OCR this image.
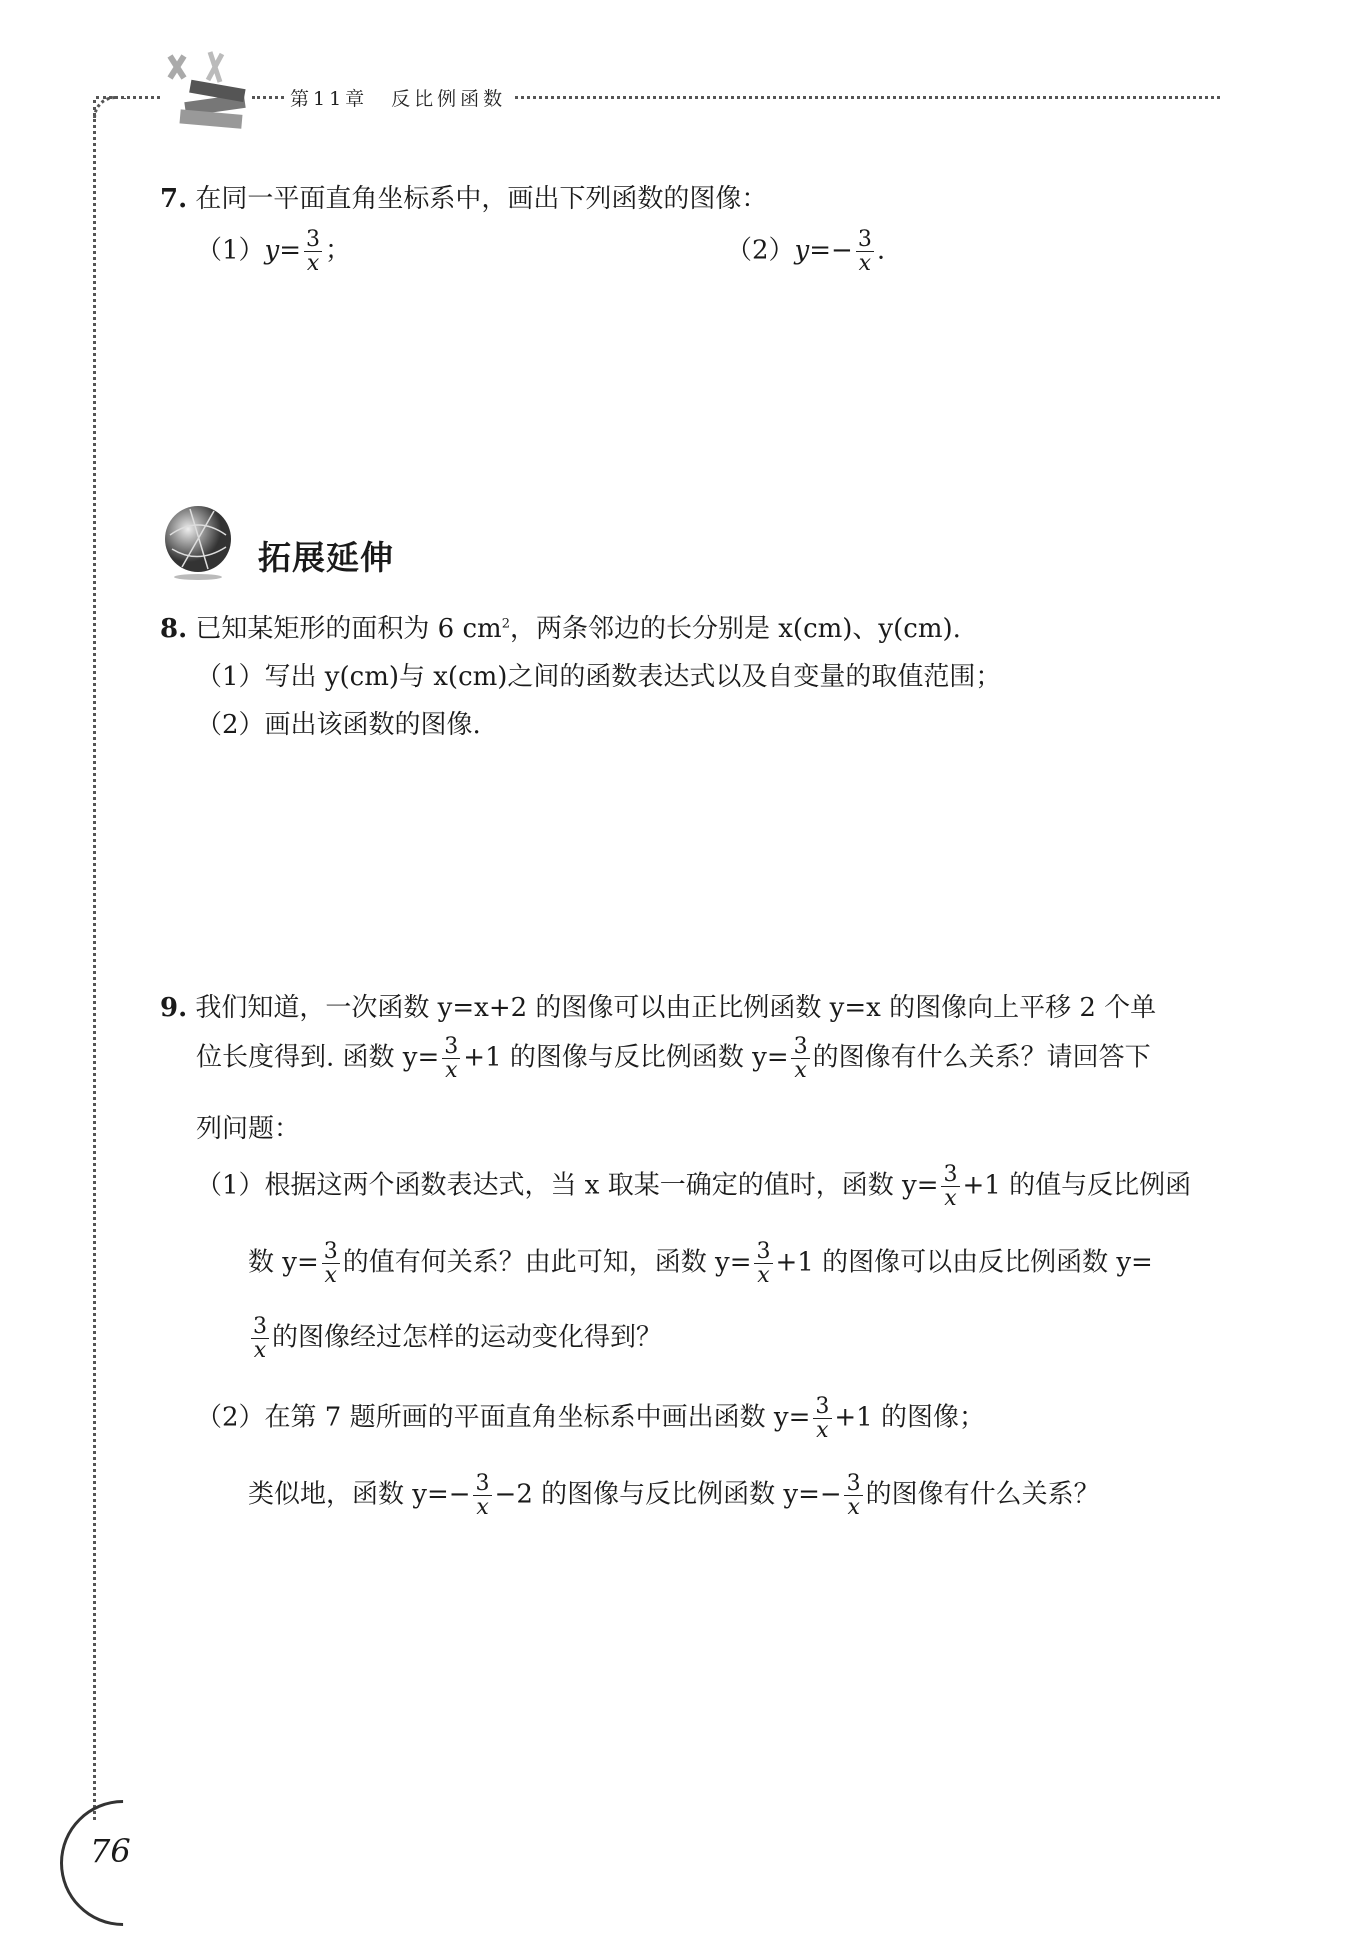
第11章　反比例函数
7. 在同一平面直角坐标系中，画出下列函数的图像：
$(1)y= \frac{3}{x}$ ；	$(2)y=- \frac{3}{x}$ .
拓展延伸
8. 已知某矩形的面积为 6 $cm^2$，两条邻边的长分别是 x(cm)、y(cm).
（1）写出 y(cm)与 x(cm)之间的函数表达式以及自变量的取值范围；
（2）画出该函数的图像.
9. 我们知道，一次函数 y=x+2 的图像可以由正比例函数 y=x 的图像向上平移 2 个单
位长度得到. 函数 $y= \frac{3}{x} +1$ 的图像与反比例函数 $y= \frac{3}{x}$ 的图像有什么关系？请回答下
列问题：
（1）根据这两个函数表达式，当 x 取某一确定的值时，函数 $y= \frac{3}{x} +1$ 的值与反比例函
数 $y= \frac{3}{x}$ 的值有何关系？由此可知，函数 $y= \frac{3}{x} +1$ 的图像可以由反比例函数 y=
$\frac{3}{x}$ 的图像经过怎样的运动变化得到？
（2）在第 7 题所画的平面直角坐标系中画出函数 $y= \frac{3}{x} +1$ 的图像；
类似地，函数 $y=- \frac{3}{x} -2$ 的图像与反比例函数 $y=- \frac{3}{x}$ 的图像有什么关系？
76
